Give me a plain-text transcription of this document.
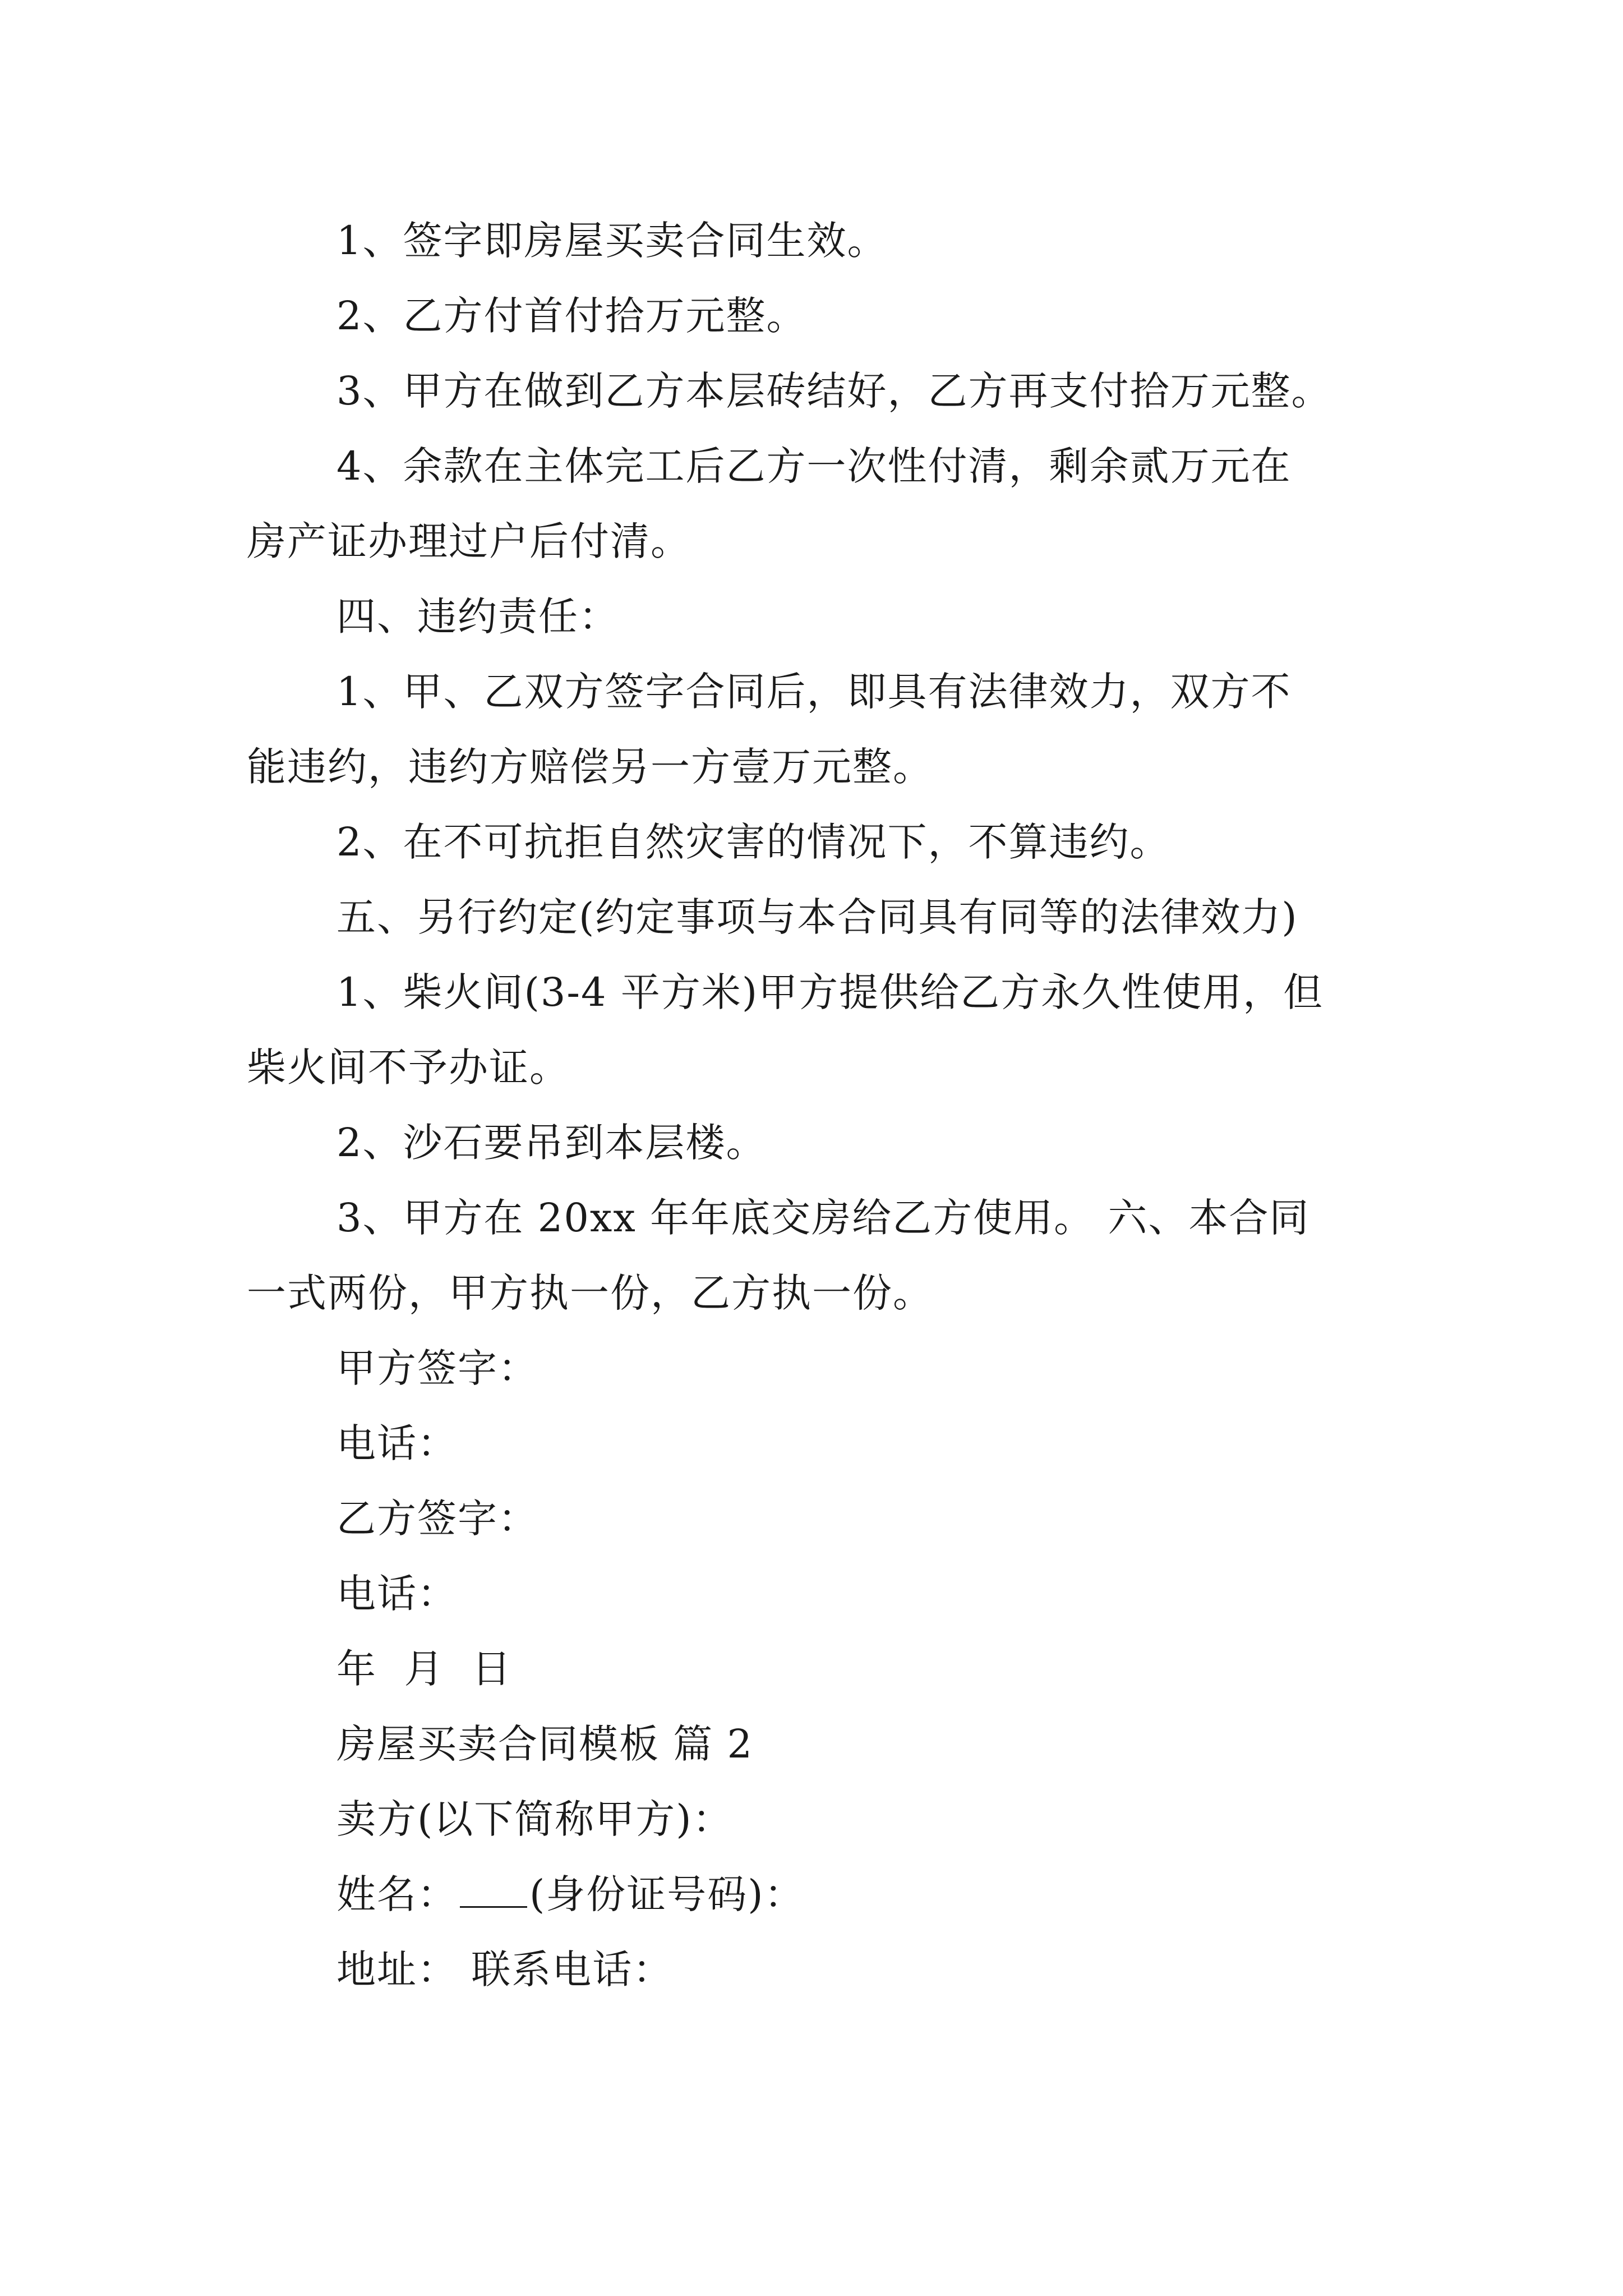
1、签字即房屋买卖合同生效。
2、乙方付首付拾万元整。
3、甲方在做到乙方本层砖结好，乙方再支付拾万元整。
4、余款在主体完工后乙方一次性付清，剩余贰万元在
房产证办理过户后付清。
四、违约责任：
1、甲、乙双方签字合同后，即具有法律效力，双方不
能违约，违约方赔偿另一方壹万元整。
2、在不可抗拒自然灾害的情况下，不算违约。
五、另行约定(约定事项与本合同具有同等的法律效力)
1、柴火间(3-4 平方米)甲方提供给乙方永久性使用，但
柴火间不予办证。
2、沙石要吊到本层楼。
3、甲方在 20xx 年年底交房给乙方使用。 六、本合同
一式两份，甲方执一份，乙方执一份。
甲方签字：
电话：
乙方签字：
电话：
年  月  日
房屋买卖合同模板 篇 2
卖方(以下简称甲方)：
姓名： (身份证号码)：
地址： 联系电话：
